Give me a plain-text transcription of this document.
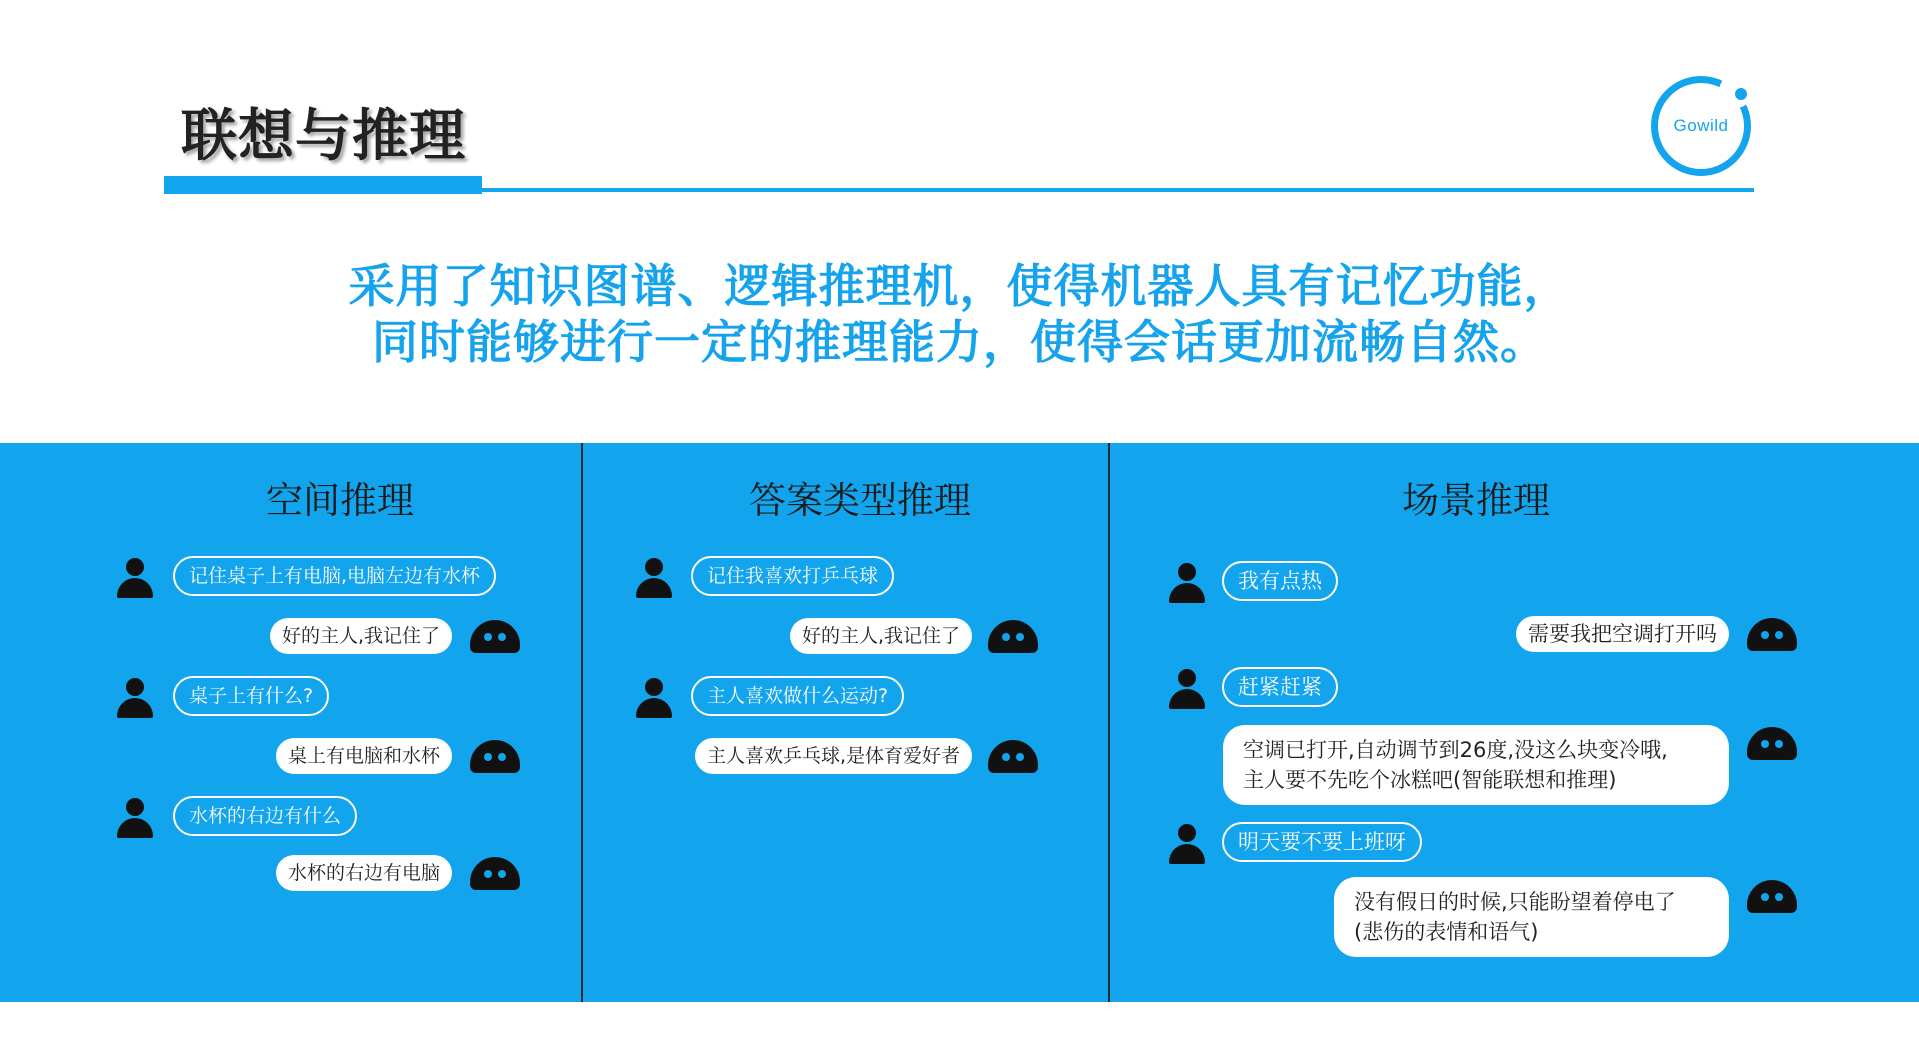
联想与推理	Gowild
采用了知识图谱、逻辑推理机，使得机器人具有记忆功能，
同时能够进行一定的推理能力，使得会话更加流畅自然。
空间推理
记住桌子上有电脑,电脑左边有水杯
好的主人,我记住了
桌子上有什么?
桌上有电脑和水杯
水杯的右边有什么
水杯的右边有电脑
答案类型推理
记住我喜欢打乒乓球
好的主人,我记住了
主人喜欢做什么运动?
主人喜欢乒乓球,是体育爱好者
场景推理
我有点热
需要我把空调打开吗
赶紧赶紧
空调已打开,自动调节到26度,没这么块变冷哦,
主人要不先吃个冰糕吧(智能联想和推理)
明天要不要上班呀
没有假日的时候,只能盼望着停电了
(悲伤的表情和语气)
